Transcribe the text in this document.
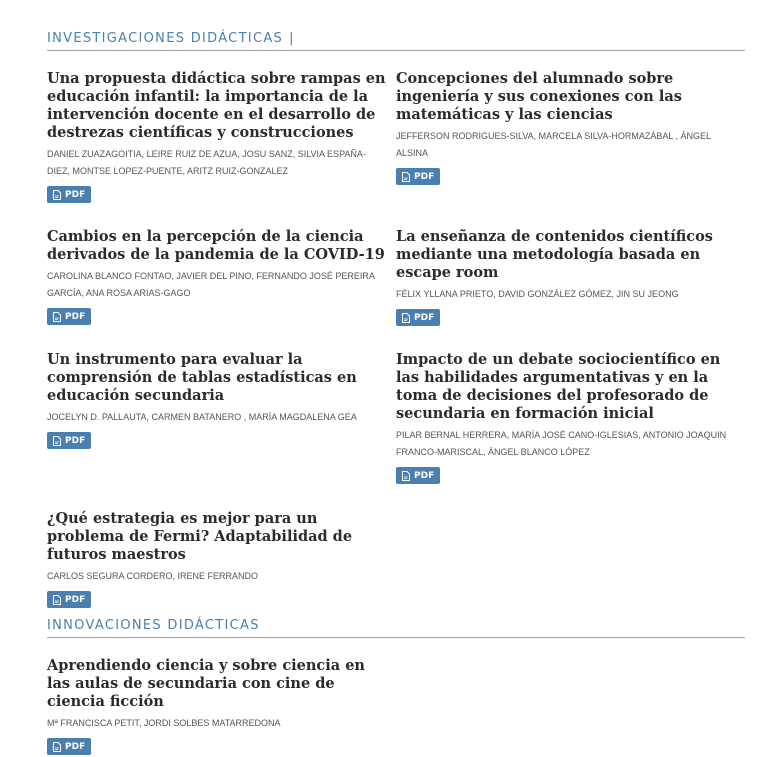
INVESTIGACIONES DIDÁCTICAS |
Una propuesta didáctica sobre rampas en educación infantil: la importancia de la intervención docente en el desarrollo de destrezas científicas y construcciones
DANIEL ZUAZAGOITIA, LEIRE RUIZ DE AZUA, JOSU SANZ, SILVIA ESPAÑA-DIEZ, MONTSE LOPEZ-PUENTE, ARITZ RUIZ-GONZALEZ
PDF
Concepciones del alumnado sobre ingeniería y sus conexiones con las matemáticas y las ciencias
JEFFERSON RODRIGUES-SILVA, MARCELA SILVA-HORMAZÁBAL , ÁNGEL ALSINA
PDF
Cambios en la percepción de la ciencia derivados de la pandemia de la COVID-19
CAROLINA BLANCO FONTAO, JAVIER DEL PINO, FERNANDO JOSÉ PEREIRA GARCÍA, ANA ROSA ARIAS-GAGO
PDF
La enseñanza de contenidos científicos mediante una metodología basada en escape room
FÉLIX YLLANA PRIETO, DAVID GONZÁLEZ GÓMEZ, JIN SU JEONG
PDF
Un instrumento para evaluar la comprensión de tablas estadísticas en educación secundaria
JOCELYN D. PALLAUTA, CARMEN BATANERO , MARÍA MAGDALENA GEA
PDF
Impacto de un debate sociocientífico en las habilidades argumentativas y en la toma de decisiones del profesorado de secundaria en formación inicial
PILAR BERNAL HERRERA, MARÍA JOSÉ CANO-IGLESIAS, ANTONIO JOAQUIN FRANCO-MARISCAL, ÁNGEL BLANCO LÓPEZ
PDF
¿Qué estrategia es mejor para un problema de Fermi? Adaptabilidad de futuros maestros
CARLOS SEGURA CORDERO, IRENE FERRANDO
PDF
INNOVACIONES DIDÁCTICAS
Aprendiendo ciencia y sobre ciencia en las aulas de secundaria con cine de ciencia ficción
Mª FRANCISCA PETIT, JORDI SOLBES MATARREDONA
PDF
